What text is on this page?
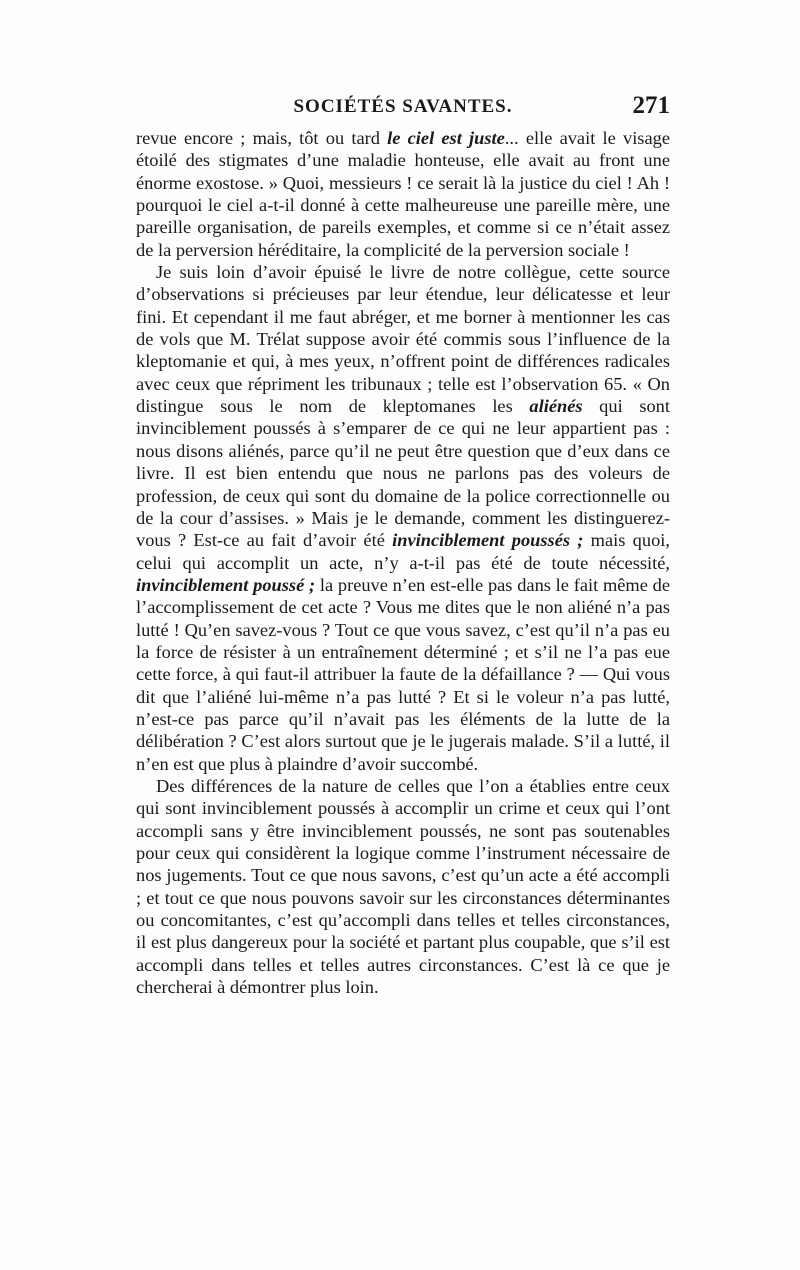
SOCIÉTÉS SAVANTES.	271

revue encore ; mais, tôt ou tard le ciel est juste... elle avait le visage étoilé des stigmates d’une maladie honteuse, elle avait au front une énorme exostose. » Quoi, messieurs ! ce serait là la justice du ciel ! Ah ! pourquoi le ciel a-t-il donné à cette malheureuse une pareille mère, une pareille organisation, de pareils exemples, et comme si ce n’était assez de la perversion héréditaire, la complicité de la perversion sociale !

Je suis loin d’avoir épuisé le livre de notre collègue, cette source d’observations si précieuses par leur étendue, leur délicatesse et leur fini. Et cependant il me faut abréger, et me borner à mentionner les cas de vols que M. Trélat suppose avoir été commis sous l’influence de la kleptomanie et qui, à mes yeux, n’offrent point de différences radicales avec ceux que répriment les tribunaux ; telle est l’observation 65. « On distingue sous le nom de kleptomanes les aliénés qui sont invinciblement poussés à s’emparer de ce qui ne leur appartient pas : nous disons aliénés, parce qu’il ne peut être question que d’eux dans ce livre. Il est bien entendu que nous ne parlons pas des voleurs de profession, de ceux qui sont du domaine de la police correctionnelle ou de la cour d’assises. » Mais je le demande, comment les distinguerez-vous ? Est-ce au fait d’avoir été invinciblement poussés ; mais quoi, celui qui accomplit un acte, n’y a-t-il pas été de toute nécessité, invinciblement poussé ; la preuve n’en est-elle pas dans le fait même de l’accomplissement de cet acte ? Vous me dites que le non aliéné n’a pas lutté ! Qu’en savez-vous ? Tout ce que vous savez, c’est qu’il n’a pas eu la force de résister à un entraînement déterminé ; et s’il ne l’a pas eue cette force, à qui faut-il attribuer la faute de la défaillance ? — Qui vous dit que l’aliéné lui-même n’a pas lutté ? Et si le voleur n’a pas lutté, n’est-ce pas parce qu’il n’avait pas les éléments de la lutte de la délibération ? C’est alors surtout que je le jugerais malade. S’il a lutté, il n’en est que plus à plaindre d’avoir succombé.

Des différences de la nature de celles que l’on a établies entre ceux qui sont invinciblement poussés à accomplir un crime et ceux qui l’ont accompli sans y être invinciblement poussés, ne sont pas soutenables pour ceux qui considèrent la logique comme l’instrument nécessaire de nos jugements. Tout ce que nous savons, c’est qu’un acte a été accompli ; et tout ce que nous pouvons savoir sur les circonstances déterminantes ou concomitantes, c’est qu’accompli dans telles et telles circonstances, il est plus dangereux pour la société et partant plus coupable, que s’il est accompli dans telles et telles autres circonstances. C’est là ce que je chercherai à démontrer plus loin.
